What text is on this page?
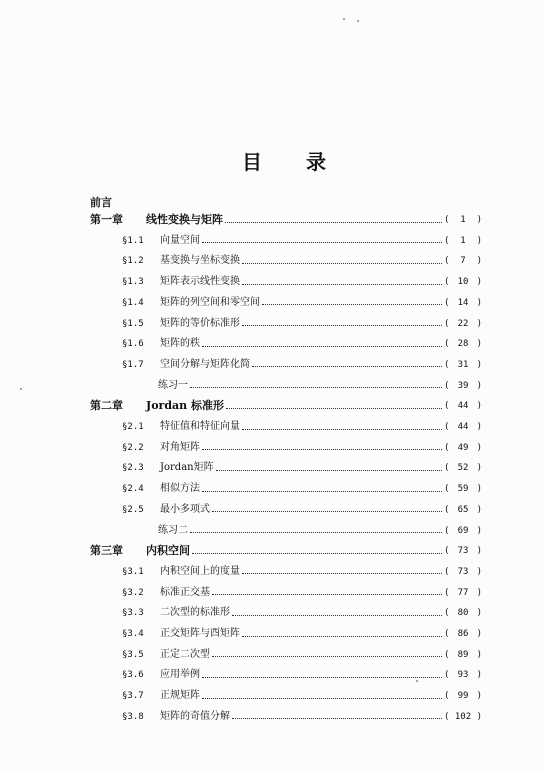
目 录
前言
第一章	线性变换与矩阵	( 1 )
§1.1	向量空间	( 1 )
§1.2	基变换与坐标变换	( 7 )
§1.3	矩阵表示线性变换	( 10 )
§1.4	矩阵的列空间和零空间	( 14 )
§1.5	矩阵的等价标准形	( 22 )
§1.6	矩阵的秩	( 28 )
§1.7	空间分解与矩阵化简	( 31 )
练习一	( 39 )
第二章	Jordan 标准形	( 44 )
§2.1	特征值和特征向量	( 44 )
§2.2	对角矩阵	( 49 )
§2.3	Jordan矩阵	( 52 )
§2.4	相似方法	( 59 )
§2.5	最小多项式	( 65 )
练习二	( 69 )
第三章	内积空间	( 73 )
§3.1	内积空间上的度量	( 73 )
§3.2	标准正交基	( 77 )
§3.3	二次型的标准形	( 80 )
§3.4	正交矩阵与酉矩阵	( 86 )
§3.5	正定二次型	( 89 )
§3.6	应用举例	( 93 )
§3.7	正规矩阵	( 99 )
§3.8	矩阵的奇值分解	( 102 )
